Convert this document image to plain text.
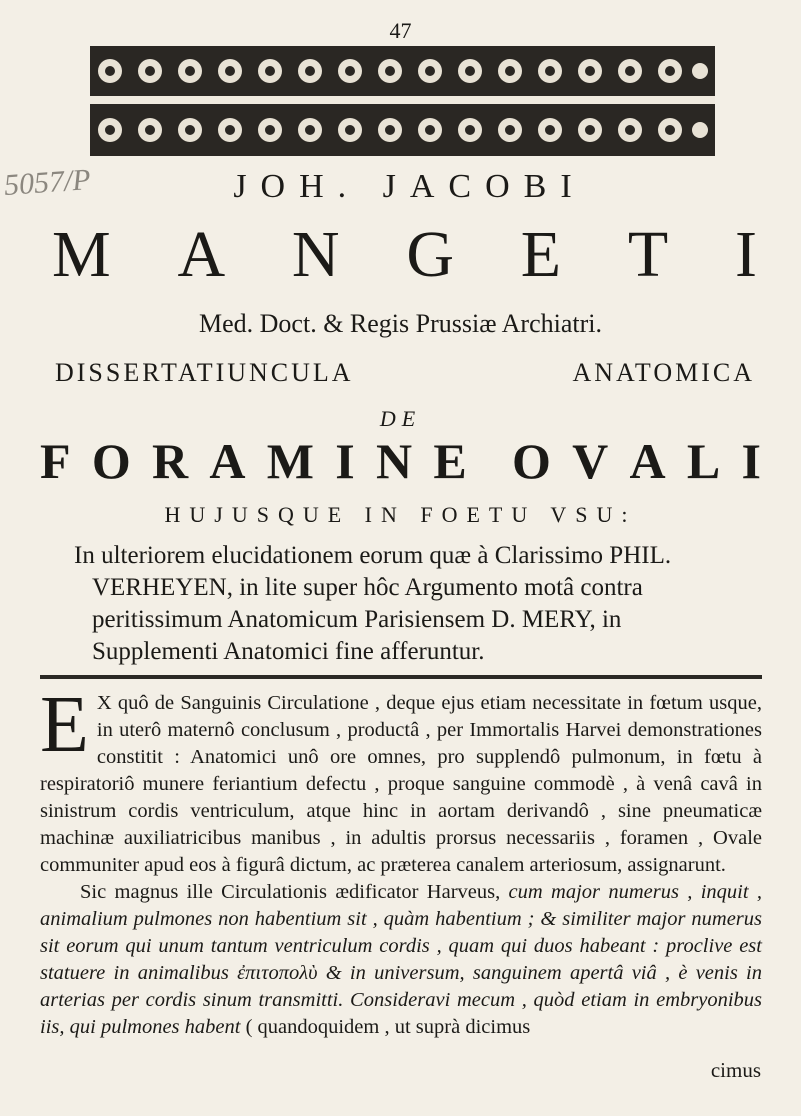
47
5057/P	JOH. JACOBI
M A N G E T I
Med. Doct. & Regis Prussiæ Archiatri.
DISSERTATIUNCULA	ANATOMICA
DE
F O R A M I N E O V A L I
HUJUSQUE IN FOETU VSU:
In ulteriorem elucidationem eorum quæ à Clarissimo PHIL.
VERHEYEN, in lite super hôc Argumento motâ contra
peritissimum Anatomicum Parisiensem D. MERY, in
Supplementi Anatomici fine afferuntur.

E X quô de Sanguinis Circulatione , deque ejus etiam necessitate in fœtum usque, in uterô maternô conclusum , productâ , per Immortalis Harvei demonstrationes constitit : Anatomici unô ore omnes, pro supplendô pulmonum, in fœtu à respiratoriô munere feriantium defectu , proque sanguine commodè , à venâ cavâ in sinistrum cordis ventriculum, atque hinc in aortam derivandô , sine pneumaticæ machinæ auxiliatricibus manibus , in adultis prorsus necessariis , foramen , Ovale communiter apud eos à figurâ dictum, ac præterea canalem arteriosum, assignarunt.

Sic magnus ille Circulationis ædificator Harveus, cum major numerus , inquit , animalium pulmones non habentium sit , quàm habentium ; & similiter major numerus sit eorum qui unum tantum ventriculum cordis , quam qui duos habeant : proclive est statuere in animalibus ἐπιτοπολὺ & in universum, sanguinem apertâ viâ , è venis in arterias per cordis sinum transmitti. Consideravi mecum , quòd etiam in embryonibus iis, qui pulmones habent ( quandoquidem , ut suprà dicimus

cimus
